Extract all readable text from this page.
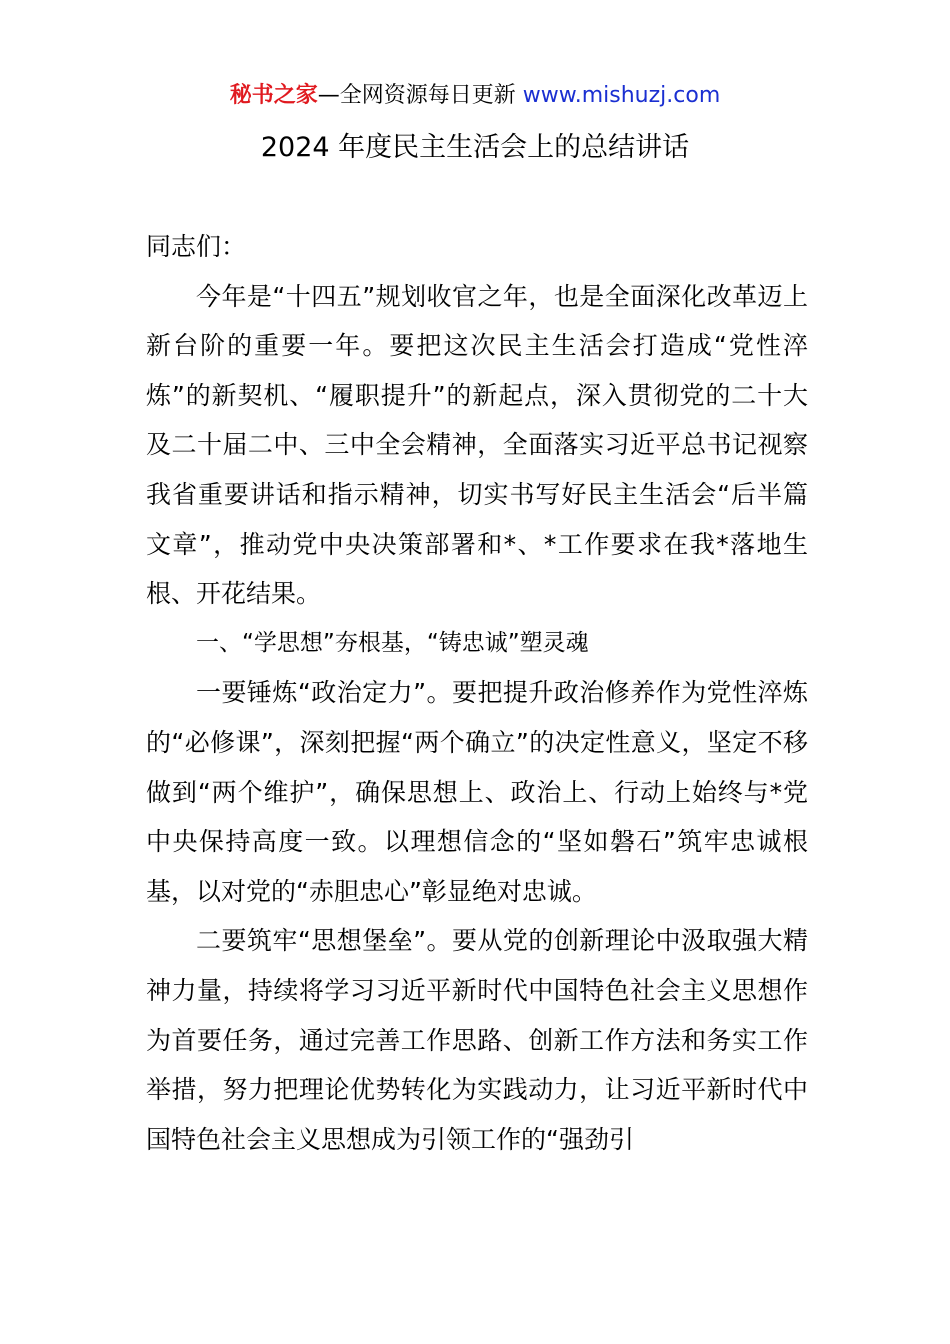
秘书之家—全网资源每日更新 www.mishuzj.com
2024 年度民主生活会上的总结讲话

同志们：

今年是“十四五”规划收官之年，也是全面深化改革迈上新台阶的重要一年。要把这次民主生活会打造成“党性淬炼”的新契机、“履职提升”的新起点，深入贯彻党的二十大及二十届二中、三中全会精神，全面落实习近平总书记视察我省重要讲话和指示精神，切实书写好民主生活会“后半篇文章”，推动党中央决策部署和*、*工作要求在我*落地生根、开花结果。

一、“学思想”夯根基，“铸忠诚”塑灵魂

一要锤炼“政治定力”。要把提升政治修养作为党性淬炼的“必修课”，深刻把握“两个确立”的决定性意义，坚定不移做到“两个维护”，确保思想上、政治上、行动上始终与*党中央保持高度一致。以理想信念的“坚如磐石”筑牢忠诚根基，以对党的“赤胆忠心”彰显绝对忠诚。

二要筑牢“思想堡垒”。要从党的创新理论中汲取强大精神力量，持续将学习习近平新时代中国特色社会主义思想作为首要任务，通过完善工作思路、创新工作方法和务实工作举措，努力把理论优势转化为实践动力，让习近平新时代中国特色社会主义思想成为引领工作的“强劲引
